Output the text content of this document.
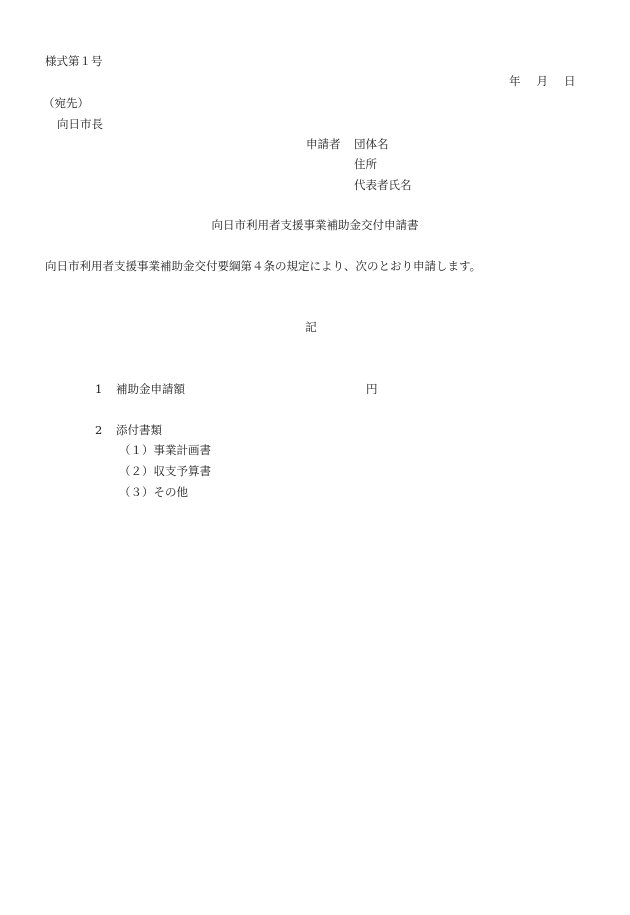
様式第１号
年 月 日
（宛先）
向日市長
申請者 団体名
住所
代表者氏名
向日市利用者支援事業補助金交付申請書
向日市利用者支援事業補助金交付要綱第４条の規定により、次のとおり申請します。
記
1 補助金申請額	円
2 添付書類
（１）事業計画書
（２）収支予算書
（３）その他
